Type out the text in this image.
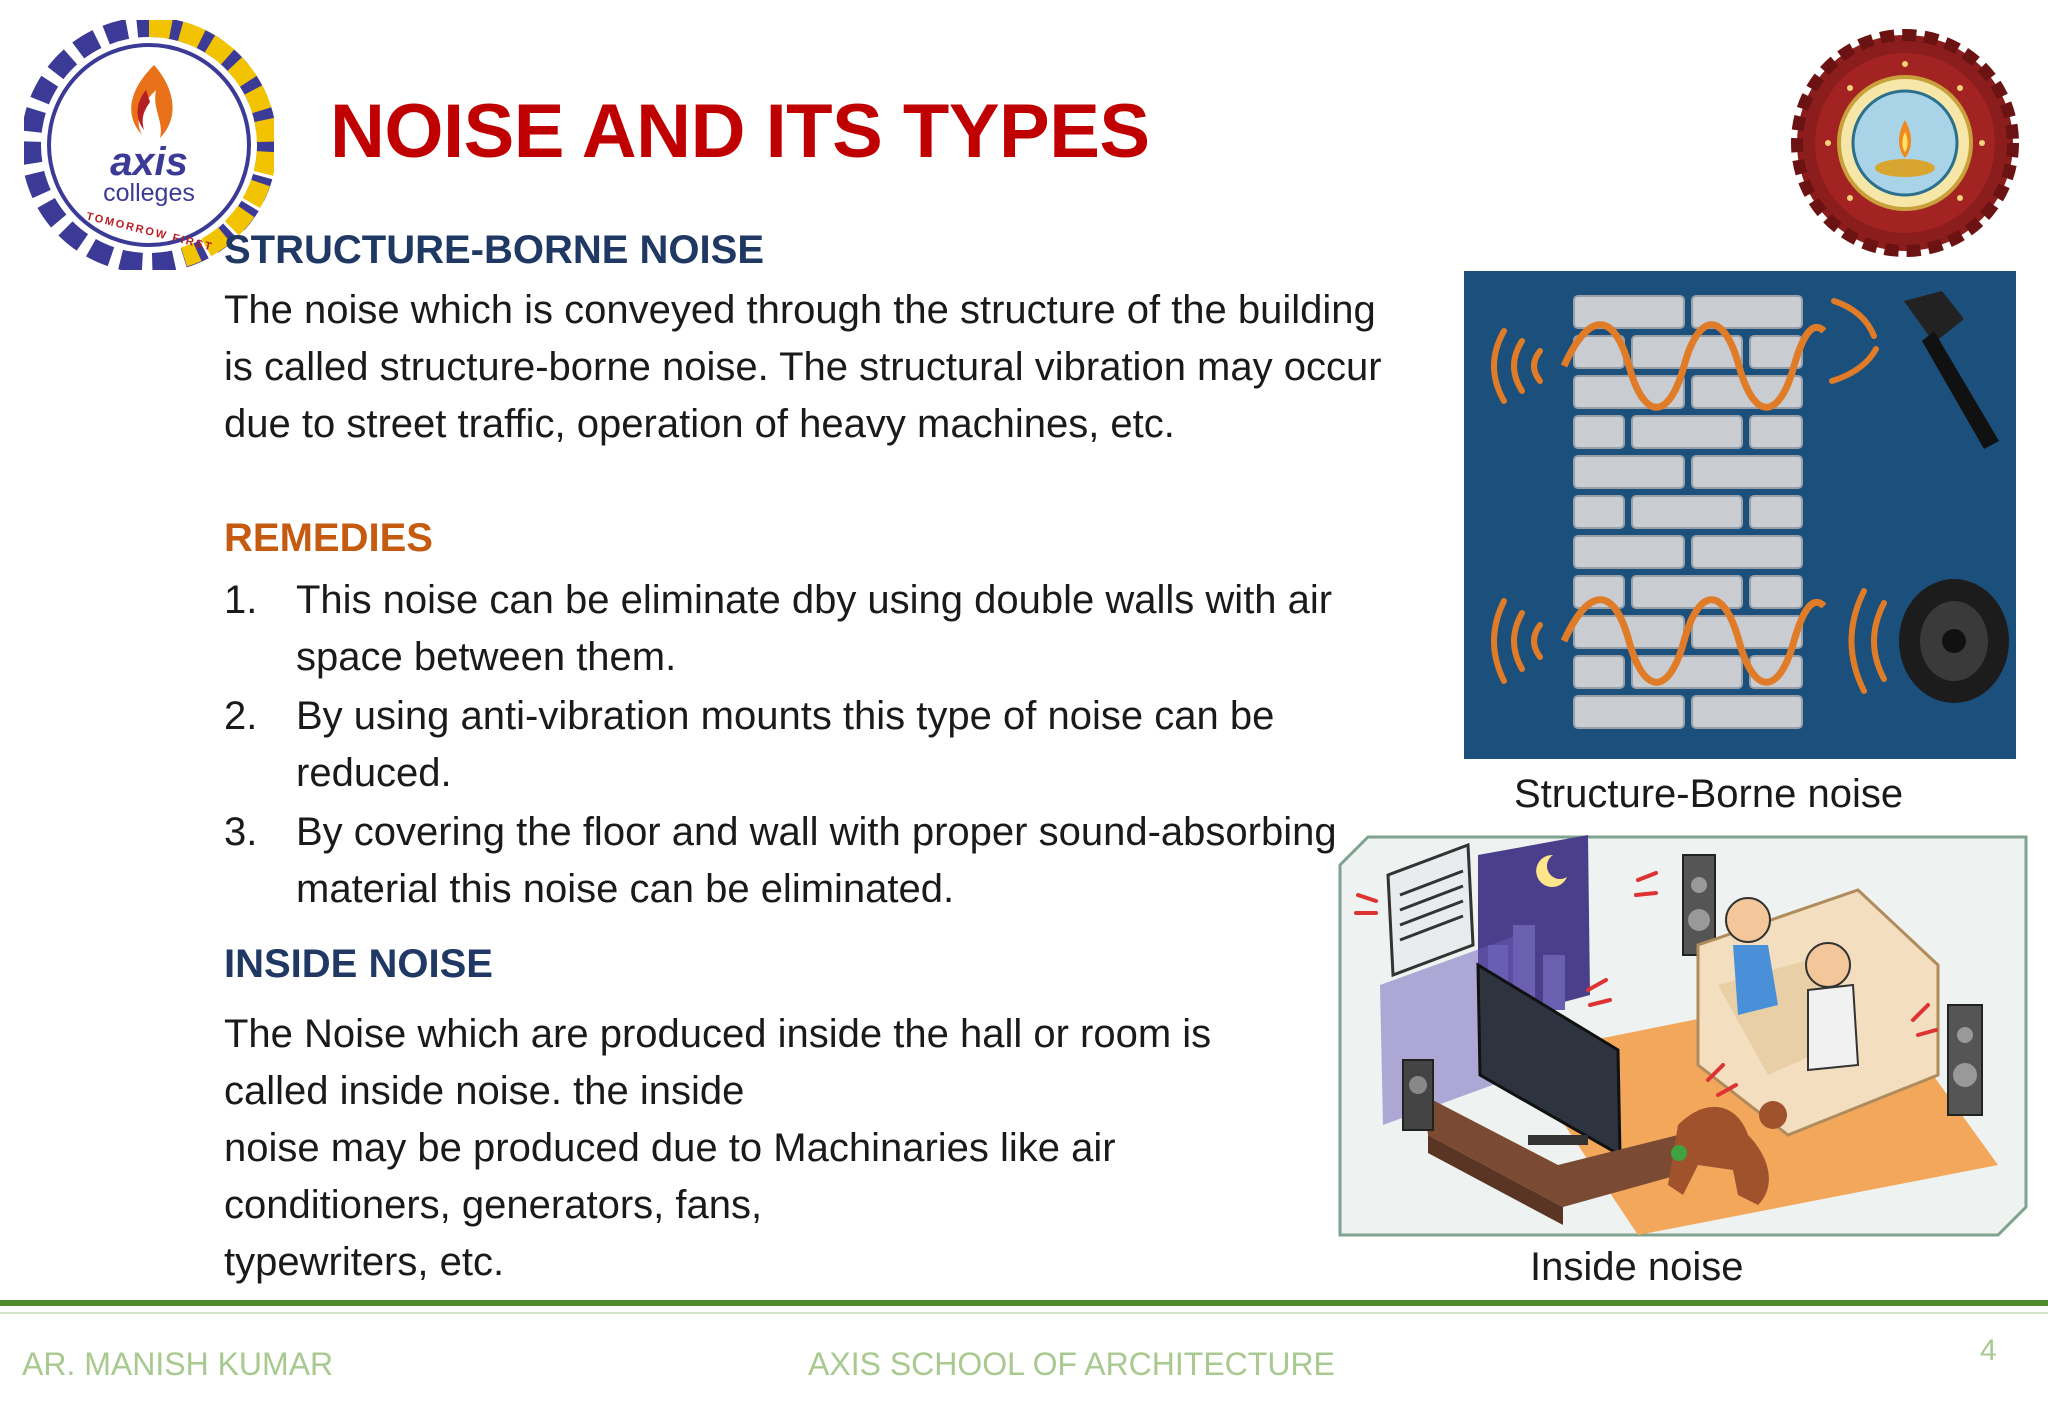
axis
colleges
TOMORROW FIRST
NOISE AND ITS TYPES
STRUCTURE-BORNE NOISE
The noise which is conveyed through the structure of the building is called structure-borne noise. The structural vibration may occur due to street traffic, operation of heavy machines, etc.
REMEDIES
1. This noise can be eliminate dby using double walls with air space between them.
2. By using anti-vibration mounts this type of noise can be reduced.
3. By covering the floor and wall with proper sound-absorbing material this noise can be eliminated.
INSIDE NOISE
The Noise which are produced inside the hall or room is
called inside noise. the inside
noise may be produced due to Machinaries like air
conditioners, generators, fans,
typewriters, etc.
Structure-Borne noise
Inside noise
AR. MANISH KUMAR	AXIS SCHOOL OF ARCHITECTURE	4
